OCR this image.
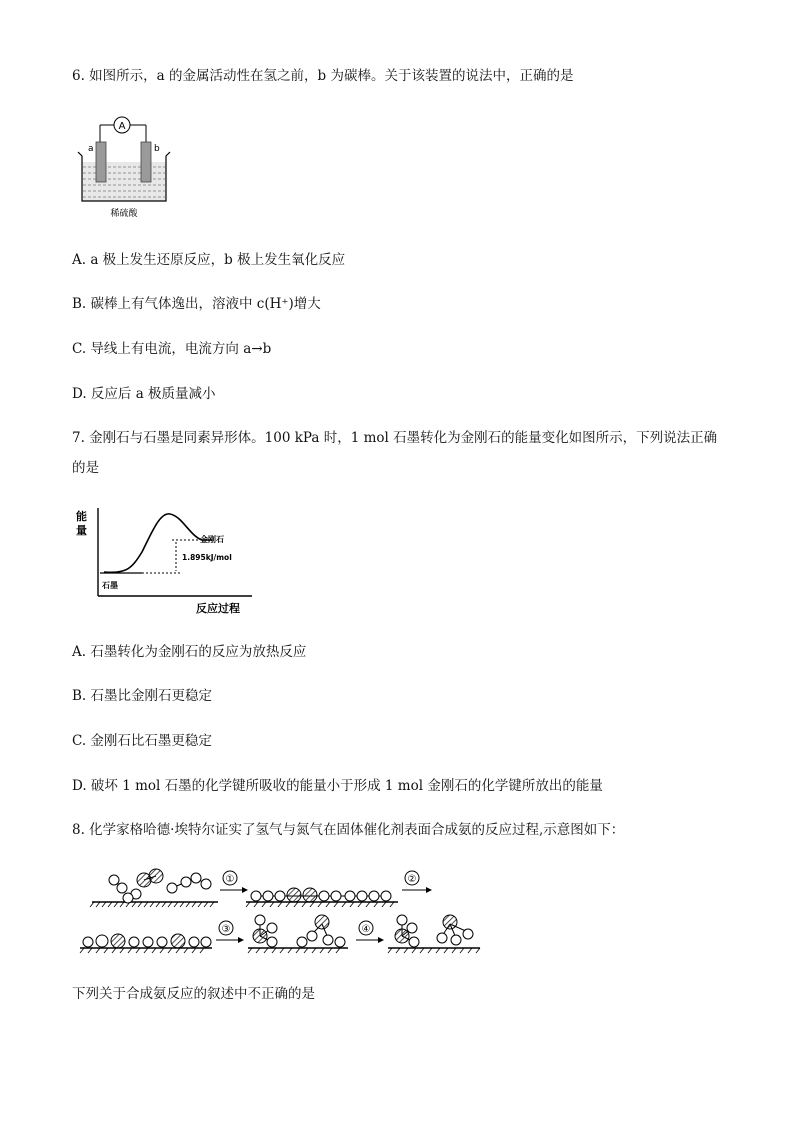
6. 如图所示，a 的金属活动性在氢之前，b 为碳棒。关于该装置的说法中，正确的是
A
a	b
稀硫酸
A. a 极上发生还原反应，b 极上发生氧化反应
B. 碳棒上有气体逸出，溶液中 c(H⁺)增大
C. 导线上有电流，电流方向 a→b
D. 反应后 a 极质量减小
7. 金刚石与石墨是同素异形体。100 kPa 时，1 mol 石墨转化为金刚石的能量变化如图所示，下列说法正确
的是
能
量
金刚石
1.895kJ/mol
石墨
反应过程
A. 石墨转化为金刚石的反应为放热反应
B. 石墨比金刚石更稳定
C. 金刚石比石墨更稳定
D. 破坏 1 mol 石墨的化学键所吸收的能量小于形成 1 mol 金刚石的化学键所放出的能量
8. 化学家格哈德·埃特尔证实了氢气与氮气在固体催化剂表面合成氨的反应过程,示意图如下：
①	②
③	④
下列关于合成氨反应的叙述中不正确的是
